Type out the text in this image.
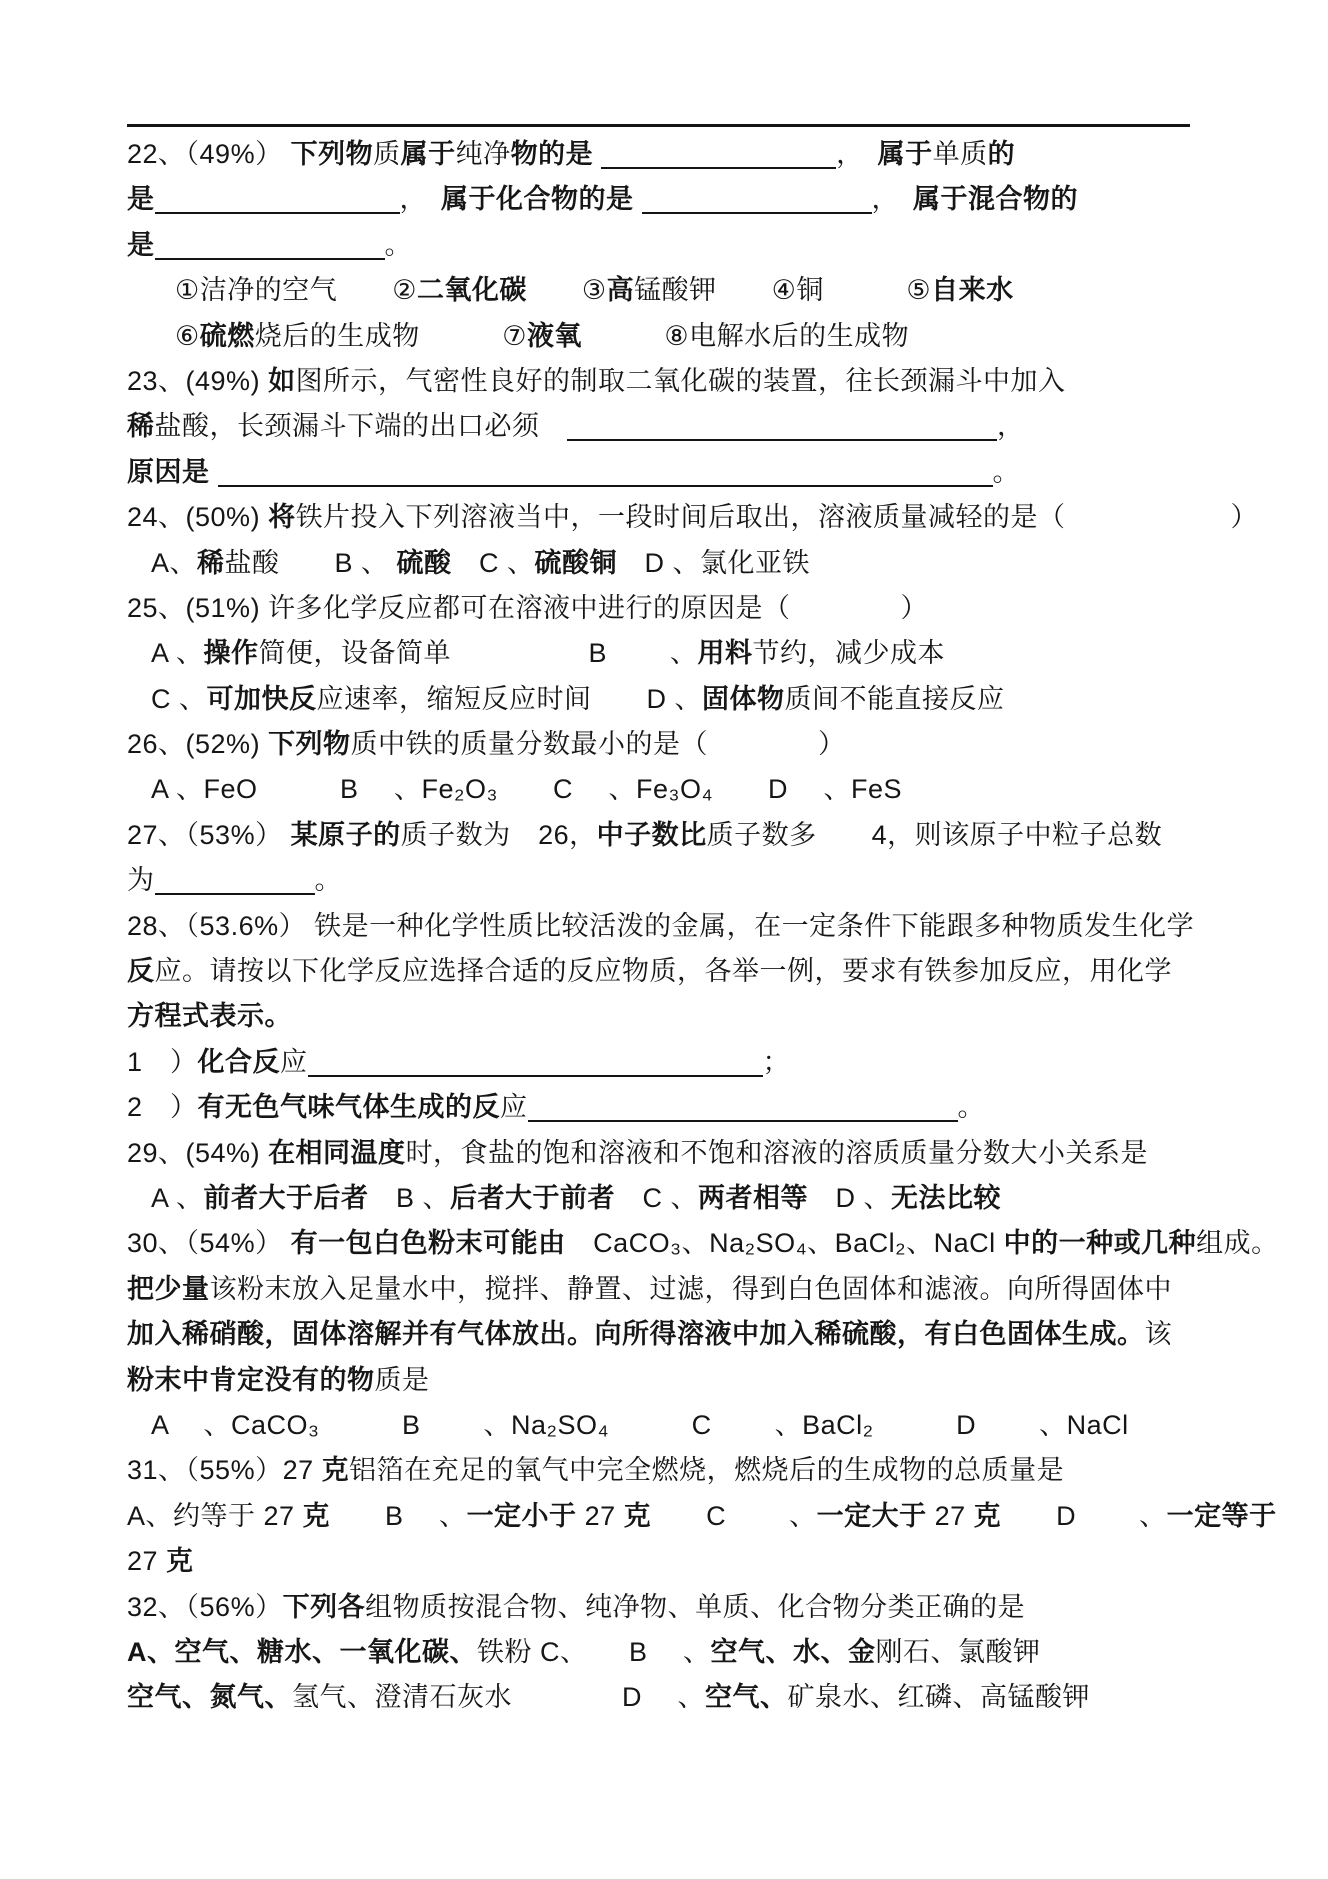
22、（49%） 下列物质属于纯净物的是	，　属于单质的
是	，　属于化合物的是	，　属于混合物的
是	。
①洁净的空气　　②二氧化碳　　③高锰酸钾　　④铜　　　⑤自来水
⑥硫燃烧后的生成物　　　⑦液氧　　　⑧电解水后的生成物
23、(49%) 如图所示，气密性良好的制取二氧化碳的装置，往长颈漏斗中加入
稀盐酸，长颈漏斗下端的出口必须　	，
原因是	。
24、(50%) 将铁片投入下列溶液当中，一段时间后取出，溶液质量减轻的是（　　　　　　）
A、稀盐酸　　B 、 硫酸　C 、硫酸铜　D 、氯化亚铁
25、(51%) 许多化学反应都可在溶液中进行的原因是（　　　　）
A 、操作简便，设备简单　　　　　B 　　、用料节约，减少成本
C 、可加快反应速率，缩短反应时间　　D 、固体物质间不能直接反应
26、(52%) 下列物质中铁的质量分数最小的是（　　　　）
A 、FeO　　　B 　、Fe₂O₃　　C 　、Fe₃O₄　　D 　、FeS
27、（53%） 某原子的质子数为　26，中子数比质子数多　　4，则该原子中粒子总数
为	。
28、（53.6%） 铁是一种化学性质比较活泼的金属，在一定条件下能跟多种物质发生化学
反应。请按以下化学反应选择合适的反应物质，各举一例，要求有铁参加反应，用化学
方程式表示。
1　）化合反应	；
2　）有无色气味气体生成的反应	。
29、(54%) 在相同温度时，食盐的饱和溶液和不饱和溶液的溶质质量分数大小关系是
A 、前者大于后者　B 、后者大于前者　C 、两者相等　D 、无法比较
30、（54%） 有一包白色粉末可能由　CaCO₃、Na₂SO₄、BaCl₂、NaCl 中的一种或几种组成。
把少量该粉末放入足量水中，搅拌、静置、过滤，得到白色固体和滤液。向所得固体中
加入稀硝酸，固体溶解并有气体放出。向所得溶液中加入稀硫酸，有白色固体生成。该
粉末中肯定没有的物质是
A 　、CaCO₃　　　B 　　、Na₂SO₄　　　C 　　、BaCl₂　　　D 　　、NaCl
31、（55%）27 克铝箔在充足的氧气中完全燃烧，燃烧后的生成物的总质量是
A、约等于 27 克　　B 　、一定小于 27 克　　C 　　、一定大于 27 克　　D 　　、一定等于
27 克
32、（56%）下列各组物质按混合物、纯净物、单质、化合物分类正确的是
A、空气、糖水、一氧化碳、铁粉 C、　　B 　、空气、水、金刚石、氯酸钾
空气、氮气、氢气、澄清石灰水　　　　D 　、空气、矿泉水、红磷、高锰酸钾
